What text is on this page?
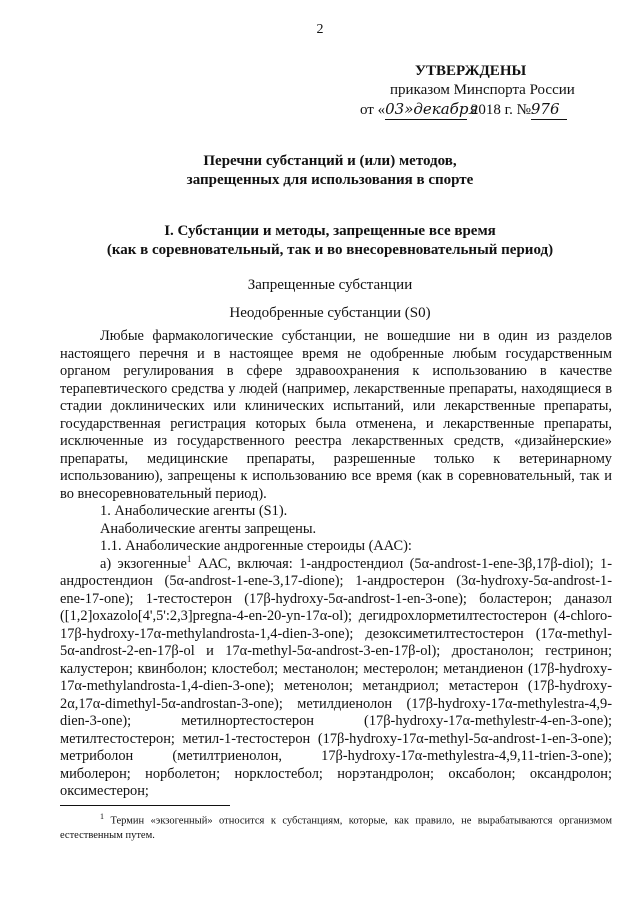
2
УТВЕРЖДЕНЫ
приказом Минспорта России
от «03»декабря 2018 г. №976
Перечни субстанций и (или) методов,
запрещенных для использования в спорте
I. Субстанции и методы, запрещенные все время
(как в соревновательный, так и во внесоревновательный период)
Запрещенные субстанции
Неодобренные субстанции (S0)

Любые фармакологические субстанции, не вошедшие ни в один из разделов настоящего перечня и в настоящее время не одобренные любым государственным органом регулирования в сфере здравоохранения к использованию в качестве терапевтического средства у людей (например, лекарственные препараты, находящиеся в стадии доклинических или клинических испытаний, или лекарственные препараты, государственная регистрация которых была отменена, и лекарственные препараты, исключенные из государственного реестра лекарственных средств, «дизайнерские» препараты, медицинские препараты, разрешенные только к ветеринарному использованию), запрещены к использованию все время (как в соревновательный, так и во внесоревновательный период).

1. Анаболические агенты (S1).

Анаболические агенты запрещены.

1.1. Анаболические андрогенные стероиды (ААС):

а) экзогенные$^1$ ААС, включая: 1-андростендиол (5α-androst-1-ene-3β,17β-diol); 1-андростендион (5α-androst-1-ene-3,17-dione); 1-андростерон (3α-hydroxy-5α-androst-1-ene-17-one); 1-тестостерон (17β-hydroxy-5α-androst-1-en-3-one); боластерон; даназол ([1,2]oxazolo[4',5':2,3]pregna-4-en-20-yn-17α-ol); дегидрохлорметилтестостерон (4-chloro-17β-hydroxy-17α-methylandrosta-1,4-dien-3-one); дезоксиметилтестостерон (17α-methyl-5α-androst-2-en-17β-ol и 17α-methyl-5α-androst-3-en-17β-ol); дростанолон; гестринон; калустерон; квинболон; клостебол; местанолон; местеролон; метандиенон (17β-hydroxy-17α-methylandrosta-1,4-dien-3-one); метенолон; метандриол; метастерон (17β-hydroxy-2α,17α-dimethyl-5α-androstan-3-one); метилдиенолон (17β-hydroxy-17α-methylestra-4,9-dien-3-one); метилнортестостерон (17β-hydroxy-17α-methylestr-4-en-3-one); метилтестостерон; метил-1-тестостерон (17β-hydroxy-17α-methyl-5α-androst-1-en-3-one); метриболон (метилтриенолон, 17β-hydroxy-17α-methylestra-4,9,11-trien-3-one); миболерон; норболетон; норклостебол; норэтандролон; оксаболон; оксандролон; оксиместерон;

$^1$ Термин «экзогенный» относится к субстанциям, которые, как правило, не вырабатываются организмом естественным путем.
